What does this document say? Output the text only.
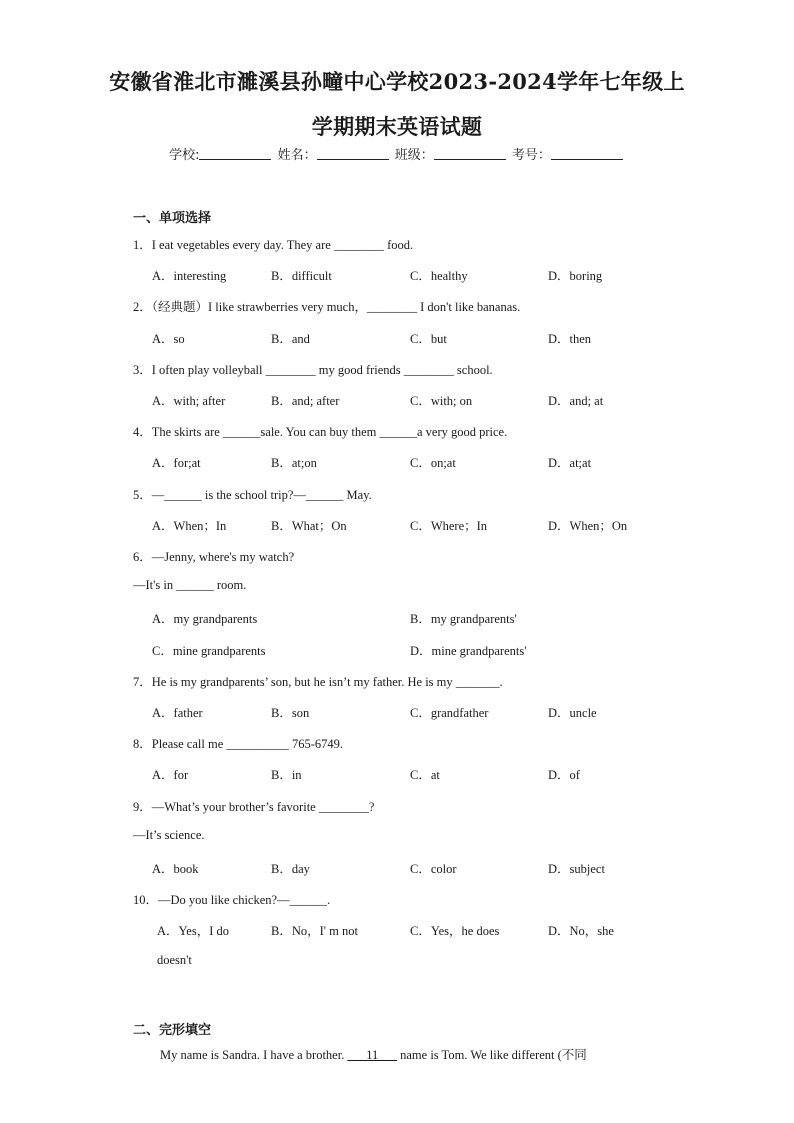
安徽省淮北市濉溪县孙疃中心学校2023-2024学年七年级上
学期期末英语试题
学校:	姓名：	班级：	考号：
一、单项选择
1．I eat vegetables every day. They are ________ food.
A．interesting	B．difficult	C．healthy	D．boring
2．（经典题）I like strawberries very much，________ I don't like bananas.
A．so	B．and	C．but	D．then
3．I often play volleyball ________ my good friends ________ school.
A．with; after	B．and; after	C．with; on	D．and; at
4．The skirts are ______sale. You can buy them ______a very good price.
A．for;at	B．at;on	C．on;at	D．at;at
5．—______ is the school trip?—______ May.
A．When；In	B．What；On	C．Where；In	D．When；On
6．—Jenny, where's my watch?
—It's in ______ room.
A．my grandparents	B．my grandparents'
C．mine grandparents	D．mine grandparents'
7．He is my grandparents’ son, but he isn’t my father. He is my _______.
A．father	B．son	C．grandfather	D．uncle
8．Please call me __________ 765-6749.
A．for	B．in	C．at	D．of
9．—What’s your brother’s favorite ________?
—It’s science.
A．book	B．day	C．color	D．subject
10．—Do you like chicken?—______.
A．Yes，I do	B．No，I' m not	C．Yes，he does	D．No，she
doesn't
二、完形填空
My name is Sandra. I have a brother. ___11___ name is Tom. We like different (不同
